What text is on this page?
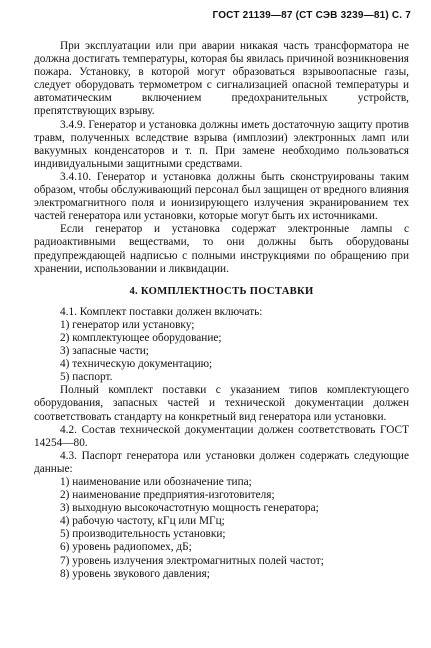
ГОСТ 21139—87 (СТ СЭВ 3239—81) С. 7

При эксплуатации или при аварии никакая часть трансформатора не должна достигать температуры, которая бы явилась причиной возникновения пожара. Установку, в которой могут образоваться взрывоопасные газы, следует оборудовать термометром с сигнализацией опасной температуры и автоматическим включением предохранительных устройств, препятствующих взрыву.

3.4.9. Генератор и установка должны иметь достаточную защиту против травм, полученных вследствие взрыва (имплозии) электронных ламп или вакуумных конденсаторов и т. п. При замене необходимо пользоваться индивидуальными защитными средствами.

3.4.10. Генератор и установка должны быть сконструированы таким образом, чтобы обслуживающий персонал был защищен от вредного влияния электромагнитного поля и ионизирующего излучения экранированием тех частей генератора или установки, которые могут быть их источниками.

Если генератор и установка содержат электронные лампы с радиоактивными веществами, то они должны быть оборудованы предупреждающей надписью с полными инструкциями по обращению при хранении, использовании и ликвидации.

4. КОМПЛЕКТНОСТЬ ПОСТАВКИ

4.1. Комплект поставки должен включать:

1) генератор или установку;
2) комплектующее оборудование;
3) запасные части;
4) техническую документацию;
5) паспорт.

Полный комплект поставки с указанием типов комплектующего оборудования, запасных частей и технической документации должен соответствовать стандарту на конкретный вид генератора или установки.

4.2. Состав технической документации должен соответствовать ГОСТ 14254—80.

4.3. Паспорт генератора или установки должен содержать следующие данные:

1) наименование или обозначение типа;
2) наименование предприятия-изготовителя;
3) выходную высокочастотную мощность генератора;
4) рабочую частоту, кГц или МГц;
5) производительность установки;
6) уровень радиопомех, дБ;
7) уровень излучения электромагнитных полей частот;
8) уровень звукового давления;
